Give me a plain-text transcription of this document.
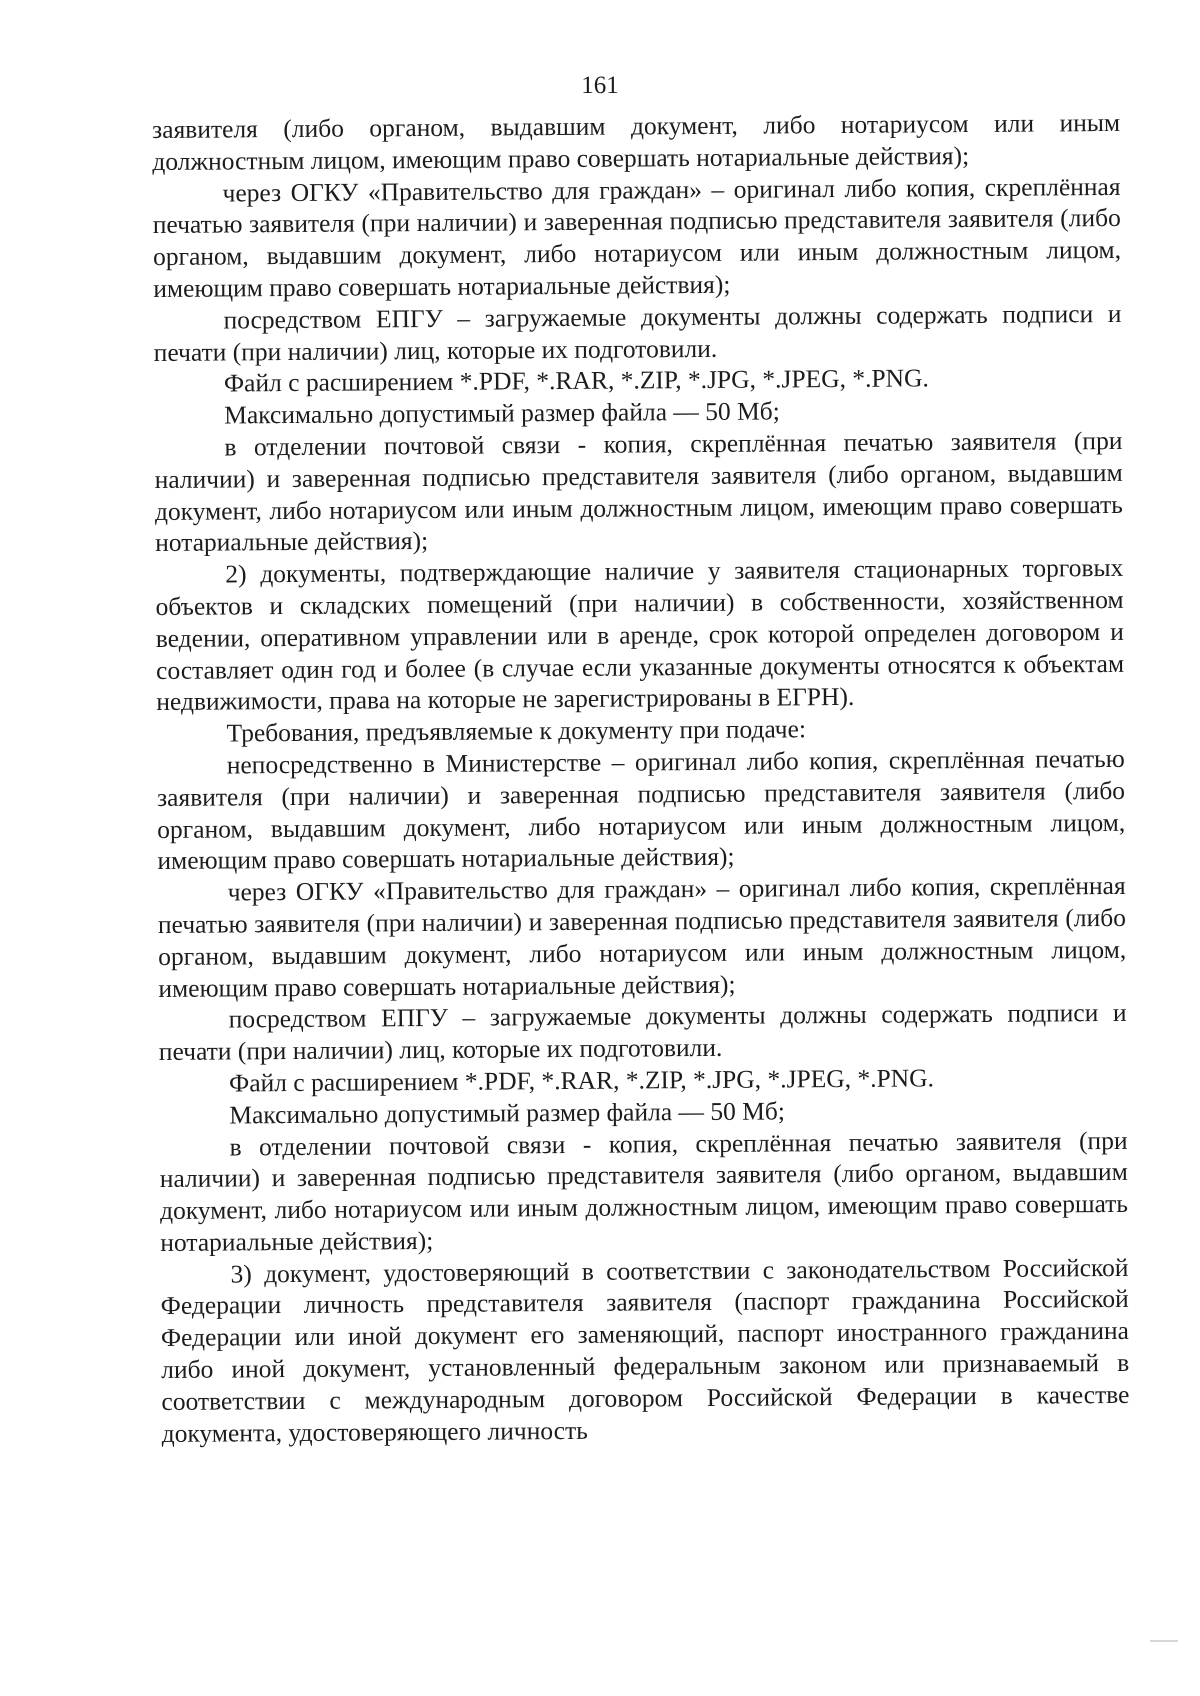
161

заявителя (либо органом, выдавшим документ, либо нотариусом или иным должностным лицом, имеющим право совершать нотариальные действия);

через ОГКУ «Правительство для граждан» – оригинал либо копия, скреплённая печатью заявителя (при наличии) и заверенная подписью представителя заявителя (либо органом, выдавшим документ, либо нотариусом или иным должностным лицом, имеющим право совершать нотариальные действия);

посредством ЕПГУ – загружаемые документы должны содержать подписи и печати (при наличии) лиц, которые их подготовили.

Файл с расширением *.PDF, *.RAR, *.ZIP, *.JPG, *.JPEG, *.PNG.

Максимально допустимый размер файла — 50 Мб;

в отделении почтовой связи - копия, скреплённая печатью заявителя (при наличии) и заверенная подписью представителя заявителя (либо органом, выдавшим документ, либо нотариусом или иным должностным лицом, имеющим право совершать нотариальные действия);

2) документы, подтверждающие наличие у заявителя стационарных торговых объектов и складских помещений (при наличии) в собственности, хозяйственном ведении, оперативном управлении или в аренде, срок которой определен договором и составляет один год и более (в случае если указанные документы относятся к объектам недвижимости, права на которые не зарегистрированы в ЕГРН).

Требования, предъявляемые к документу при подаче:

непосредственно в Министерстве – оригинал либо копия, скреплённая печатью заявителя (при наличии) и заверенная подписью представителя заявителя (либо органом, выдавшим документ, либо нотариусом или иным должностным лицом, имеющим право совершать нотариальные действия);

через ОГКУ «Правительство для граждан» – оригинал либо копия, скреплённая печатью заявителя (при наличии) и заверенная подписью представителя заявителя (либо органом, выдавшим документ, либо нотариусом или иным должностным лицом, имеющим право совершать нотариальные действия);

посредством ЕПГУ – загружаемые документы должны содержать подписи и печати (при наличии) лиц, которые их подготовили.

Файл с расширением *.PDF, *.RAR, *.ZIP, *.JPG, *.JPEG, *.PNG.

Максимально допустимый размер файла — 50 Мб;

в отделении почтовой связи - копия, скреплённая печатью заявителя (при наличии) и заверенная подписью представителя заявителя (либо органом, выдавшим документ, либо нотариусом или иным должностным лицом, имеющим право совершать нотариальные действия);

3) документ, удостоверяющий в соответствии с законодательством Российской Федерации личность представителя заявителя (паспорт гражданина Российской Федерации или иной документ его заменяющий, паспорт иностранного гражданина либо иной документ, установленный федеральным законом или признаваемый в соответствии с международным договором Российской Федерации в качестве документа, удостоверяющего личность
